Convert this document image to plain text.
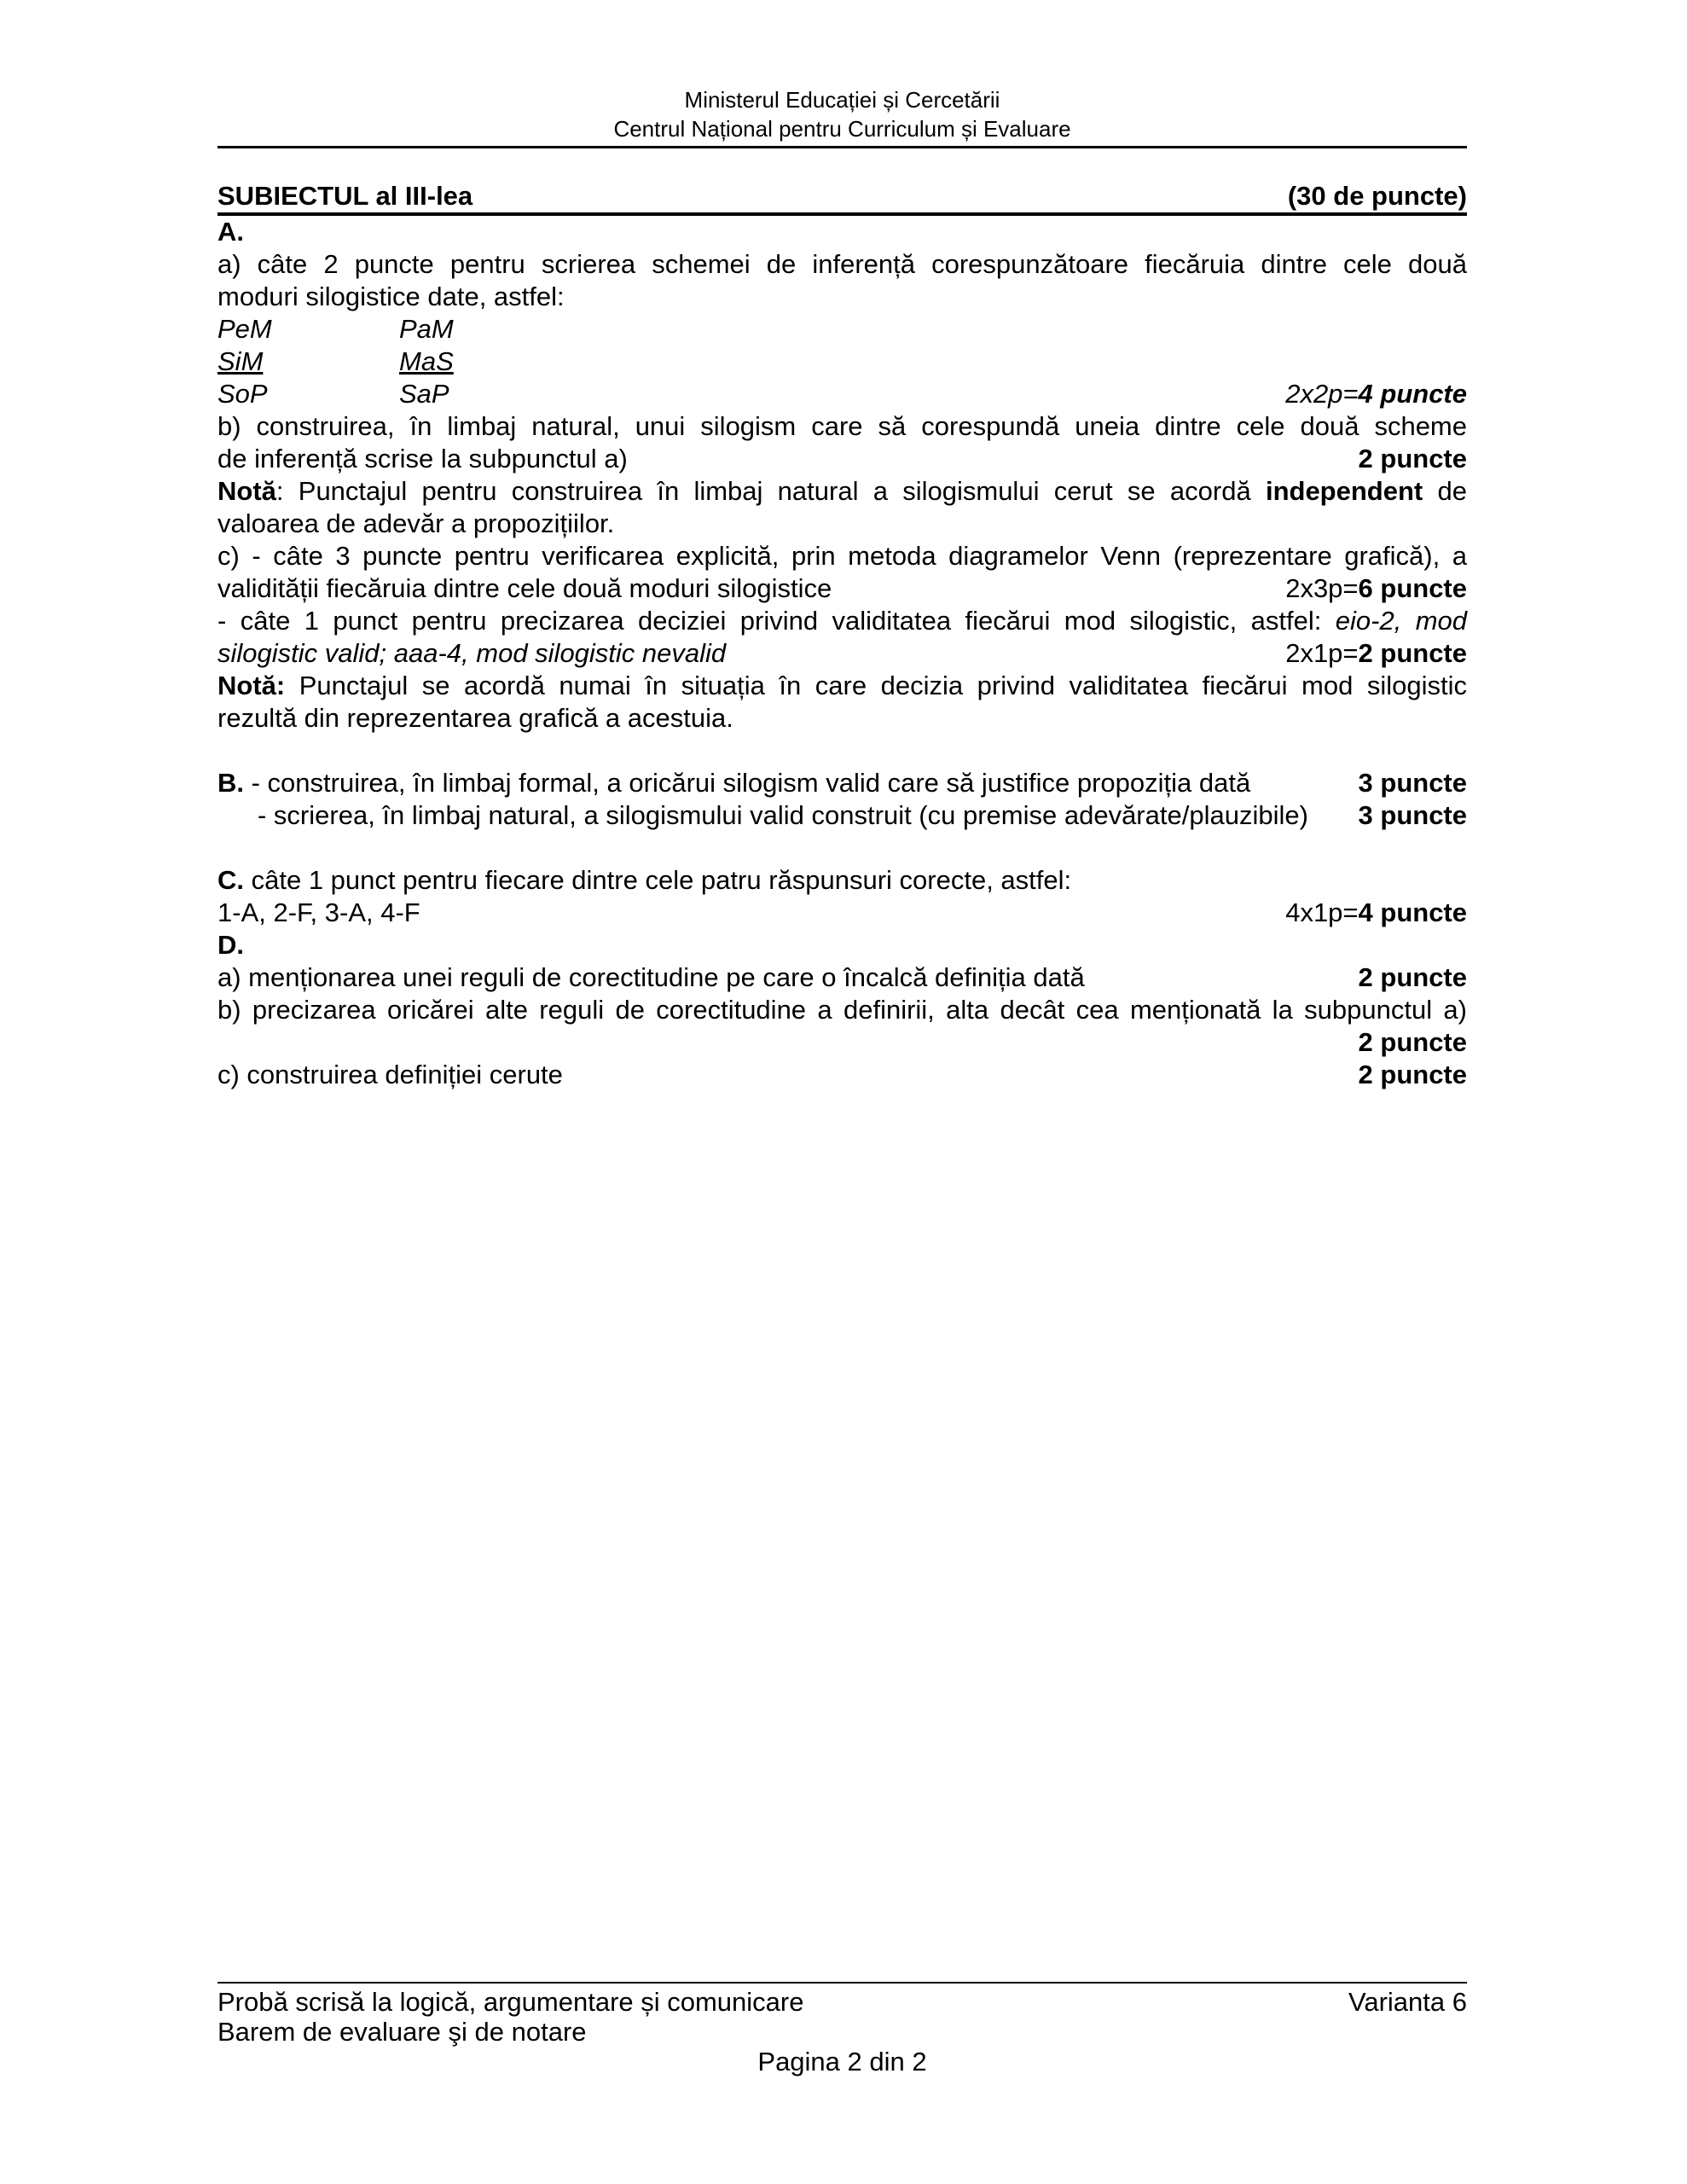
Ministerul Educației și Cercetării
Centrul Național pentru Curriculum și Evaluare
SUBIECTUL al III-lea	(30 de puncte)
A.
a) câte 2 puncte pentru scrierea schemei de inferență corespunzătoare fiecăruia dintre cele două
moduri silogistice date, astfel:
PeM	PaM
SiM	MaS
SoP	SaP	2x2p=4 puncte
b) construirea, în limbaj natural, unui silogism care să corespundă uneia dintre cele două scheme
de inferență scrise la subpunctul a)	2 puncte
Notă: Punctajul pentru construirea în limbaj natural a silogismului cerut se acordă independent de
valoarea de adevăr a propozițiilor.
c) - câte 3 puncte pentru verificarea explicită, prin metoda diagramelor Venn (reprezentare grafică), a
validității fiecăruia dintre cele două moduri silogistice	2x3p=6 puncte
- câte 1 punct pentru precizarea deciziei privind validitatea fiecărui mod silogistic, astfel: eio-2, mod
silogistic valid; aaa-4, mod silogistic nevalid	2x1p=2 puncte
Notă: Punctajul se acordă numai în situația în care decizia privind validitatea fiecărui mod silogistic
rezultă din reprezentarea grafică a acestuia.
B. - construirea, în limbaj formal, a oricărui silogism valid care să justifice propoziția dată	3 puncte
- scrierea, în limbaj natural, a silogismului valid construit (cu premise adevărate/plauzibile) 3 puncte
C. câte 1 punct pentru fiecare dintre cele patru răspunsuri corecte, astfel:
1-A, 2-F, 3-A, 4-F	4x1p=4 puncte
D.
a) menționarea unei reguli de corectitudine pe care o încalcă definiția dată	2 puncte
b) precizarea oricărei alte reguli de corectitudine a definirii, alta decât cea menționată la subpunctul a)
2 puncte
c) construirea definiției cerute	2 puncte
Probă scrisă la logică, argumentare și comunicare	Varianta 6
Barem de evaluare şi de notare
Pagina 2 din 2
